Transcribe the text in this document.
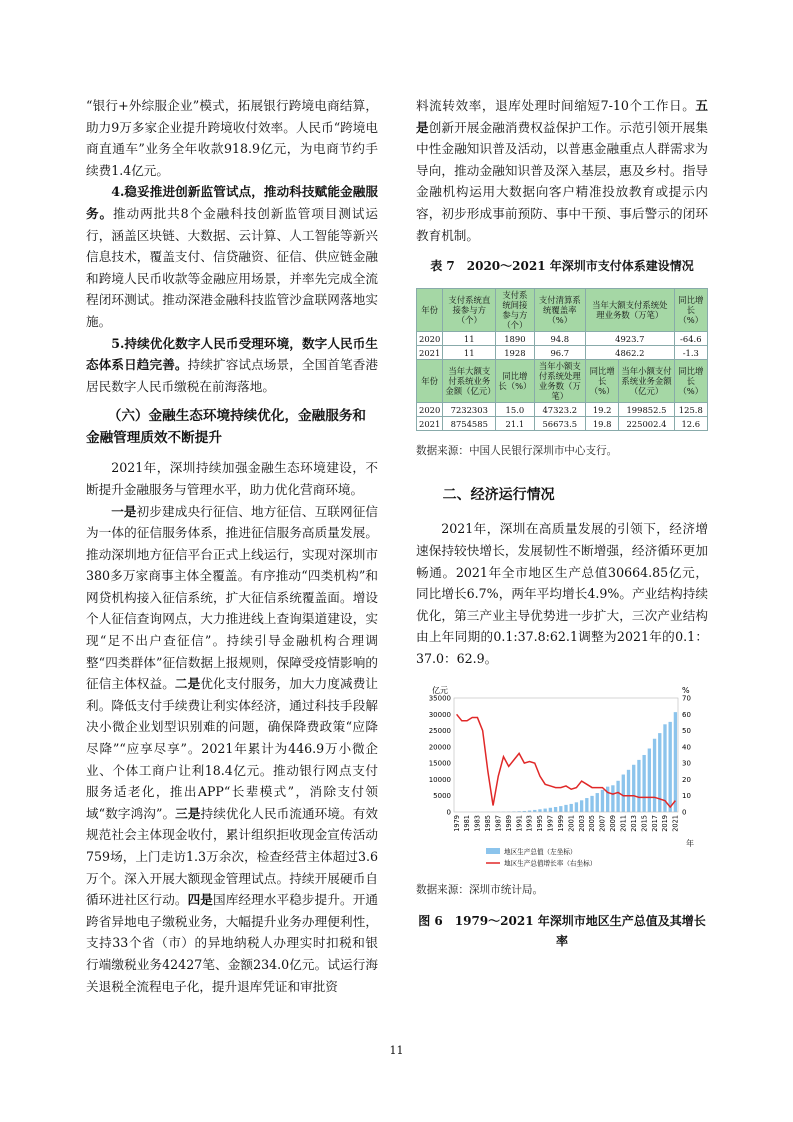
“银行+外综服企业”模式，拓展银行跨境电商结算，助力9万多家企业提升跨境收付效率。人民币“跨境电商直通车”业务全年收款918.9亿元，为电商节约手续费1.4亿元。

4.稳妥推进创新监管试点，推动科技赋能金融服务。推动两批共8个金融科技创新监管项目测试运行，涵盖区块链、大数据、云计算、人工智能等新兴信息技术，覆盖支付、信贷融资、征信、供应链金融和跨境人民币收款等金融应用场景，并率先完成全流程闭环测试。推动深港金融科技监管沙盒联网落地实施。

5.持续优化数字人民币受理环境，数字人民币生态体系日趋完善。持续扩容试点场景，全国首笔香港居民数字人民币缴税在前海落地。

（六）金融生态环境持续优化，金融服务和金融管理质效不断提升

2021年，深圳持续加强金融生态环境建设，不断提升金融服务与管理水平，助力优化营商环境。

一是初步建成央行征信、地方征信、互联网征信为一体的征信服务体系，推进征信服务高质量发展。推动深圳地方征信平台正式上线运行，实现对深圳市380多万家商事主体全覆盖。有序推动“四类机构”和网贷机构接入征信系统，扩大征信系统覆盖面。增设个人征信查询网点，大力推进线上查询渠道建设，实现“足不出户查征信”。持续引导金融机构合理调整“四类群体”征信数据上报规则，保障受疫情影响的征信主体权益。二是优化支付服务，加大力度减费让利。降低支付手续费让利实体经济，通过科技手段解决小微企业划型识别难的问题，确保降费政策“应降尽降”“应享尽享”。2021年累计为446.9万小微企业、个体工商户让利18.4亿元。推动银行网点支付服务适老化，推出APP“长辈模式”，消除支付领域“数字鸿沟”。三是持续优化人民币流通环境。有效规范社会主体现金收付，累计组织拒收现金宣传活动759场，上门走访1.3万余次，检查经营主体超过3.6万个。深入开展大额现金管理试点。持续开展硬币自循环进社区行动。四是国库经理水平稳步提升。开通跨省异地电子缴税业务，大幅提升业务办理便利性，支持33个省（市）的异地纳税人办理实时扣税和银行端缴税业务42427笔、金额234.0亿元。试运行海关退税全流程电子化，提升退库凭证和审批资

料流转效率，退库处理时间缩短7-10个工作日。五是创新开展金融消费权益保护工作。示范引领开展集中性金融知识普及活动，以普惠金融重点人群需求为导向，推动金融知识普及深入基层，惠及乡村。指导金融机构运用大数据向客户精准投放教育或提示内容，初步形成事前预防、事中干预、事后警示的闭环教育机制。

表 7　2020～2021 年深圳市支付体系建设情况
年份	支付系统直接参与方（个）	支付系统间接参与方（个）	支付清算系统覆盖率（%）	当年大额支付系统处理业务数（万笔）		同比增长（%）
2020	11	1890	94.8	4923.7		-64.6
2021	11	1928	96.7	4862.2		-1.3
年份	当年大额支付系统业务金额（亿元）	同比增长（%）	当年小额支付系统处理业务数（万笔）	同比增长（%）	当年小额支付系统业务金额（亿元）	同比增长（%）
2020	7232303	15.0	47323.2	19.2	199852.5	125.8
2021	8754585	21.1	56673.5	19.8	225002.4	12.6
数据来源：中国人民银行深圳市中心支行。
二、经济运行情况

2021年，深圳在高质量发展的引领下，经济增速保持较快增长，发展韧性不断增强，经济循环更加畅通。2021年全市地区生产总值30664.85亿元，同比增长6.7%，两年平均增长4.9%。产业结构持续优化，第三产业主导优势进一步扩大，三次产业结构由上年同期的0.1:37.8:62.1调整为2021年的0.1：37.0：62.9。

亿元	%
0
5000
10000
15000
20000
25000
30000
35000
0
10
20
30
40
50
60
70
1979 1981 1983 1985 1987 1989 1991 1993 1995 1997 1999 2001 2003 2005 2007 2009 2011 2013 2015 2017 2019 2021
年
地区生产总值（左坐标）
地区生产总值增长率（右坐标）
数据来源：深圳市统计局。
图 6　1979～2021 年深圳市地区生产总值及其增长率
11
